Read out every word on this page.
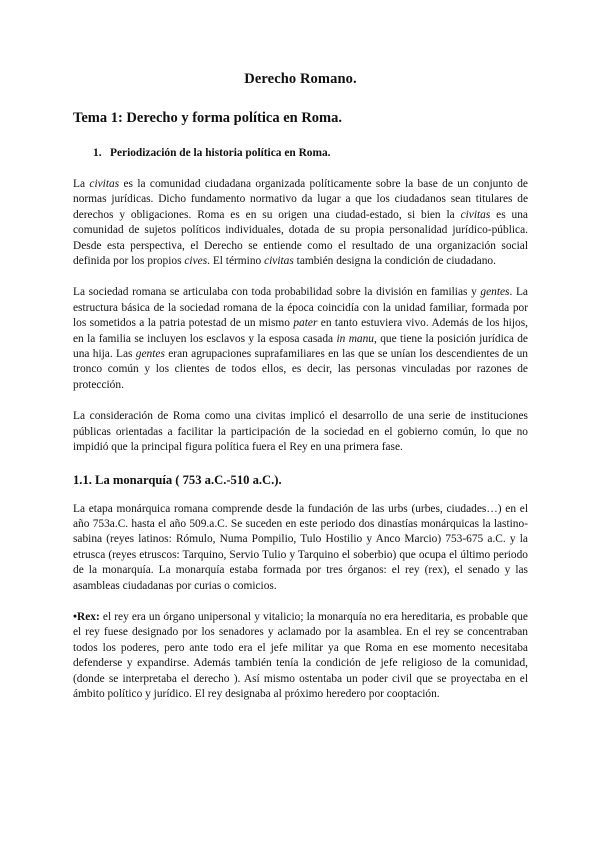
Derecho Romano.
Tema 1: Derecho y forma política en Roma.
1. Periodización de la historia política en Roma.

La civitas es la comunidad ciudadana organizada políticamente sobre la base de un conjunto de normas jurídicas. Dicho fundamento normativo da lugar a que los ciudadanos sean titulares de derechos y obligaciones. Roma es en su origen una ciudad-estado, si bien la civitas es una comunidad de sujetos políticos individuales, dotada de su propia personalidad jurídico-pública. Desde esta perspectiva, el Derecho se entiende como el resultado de una organización social definida por los propios cives. El término civitas también designa la condición de ciudadano.

La sociedad romana se articulaba con toda probabilidad sobre la división en familias y gentes. La estructura básica de la sociedad romana de la época coincidía con la unidad familiar, formada por los sometidos a la patria potestad de un mismo pater en tanto estuviera vivo. Además de los hijos, en la familia se incluyen los esclavos y la esposa casada in manu, que tiene la posición jurídica de una hija. Las gentes eran agrupaciones suprafamiliares en las que se unían los descendientes de un tronco común y los clientes de todos ellos, es decir, las personas vinculadas por razones de protección.

La consideración de Roma como una civitas implicó el desarrollo de una serie de instituciones públicas orientadas a facilitar la participación de la sociedad en el gobierno común, lo que no impidió que la principal figura política fuera el Rey en una primera fase.

1.1. La monarquía ( 753 a.C.-510 a.C.).

La etapa monárquica romana comprende desde la fundación de las urbs (urbes, ciudades…) en el año 753a.C. hasta el año 509.a.C. Se suceden en este periodo dos dinastías monárquicas la lastino-sabina (reyes latinos: Rómulo, Numa Pompilio, Tulo Hostilio y Anco Marcio) 753-675 a.C. y la etrusca (reyes etruscos: Tarquino, Servio Tulio y Tarquino el soberbio) que ocupa el último periodo de la monarquía. La monarquía estaba formada por tres órganos: el rey (rex), el senado y las asambleas ciudadanas por curias o comicios.

•Rex: el rey era un órgano unipersonal y vitalicio; la monarquía no era hereditaria, es probable que el rey fuese designado por los senadores y aclamado por la asamblea. En el rey se concentraban todos los poderes, pero ante todo era el jefe militar ya que Roma en ese momento necesitaba defenderse y expandirse. Además también tenía la condición de jefe religioso de la comunidad, (donde se interpretaba el derecho ). Así mismo ostentaba un poder civil que se proyectaba en el ámbito político y jurídico. El rey designaba al próximo heredero por cooptación.
